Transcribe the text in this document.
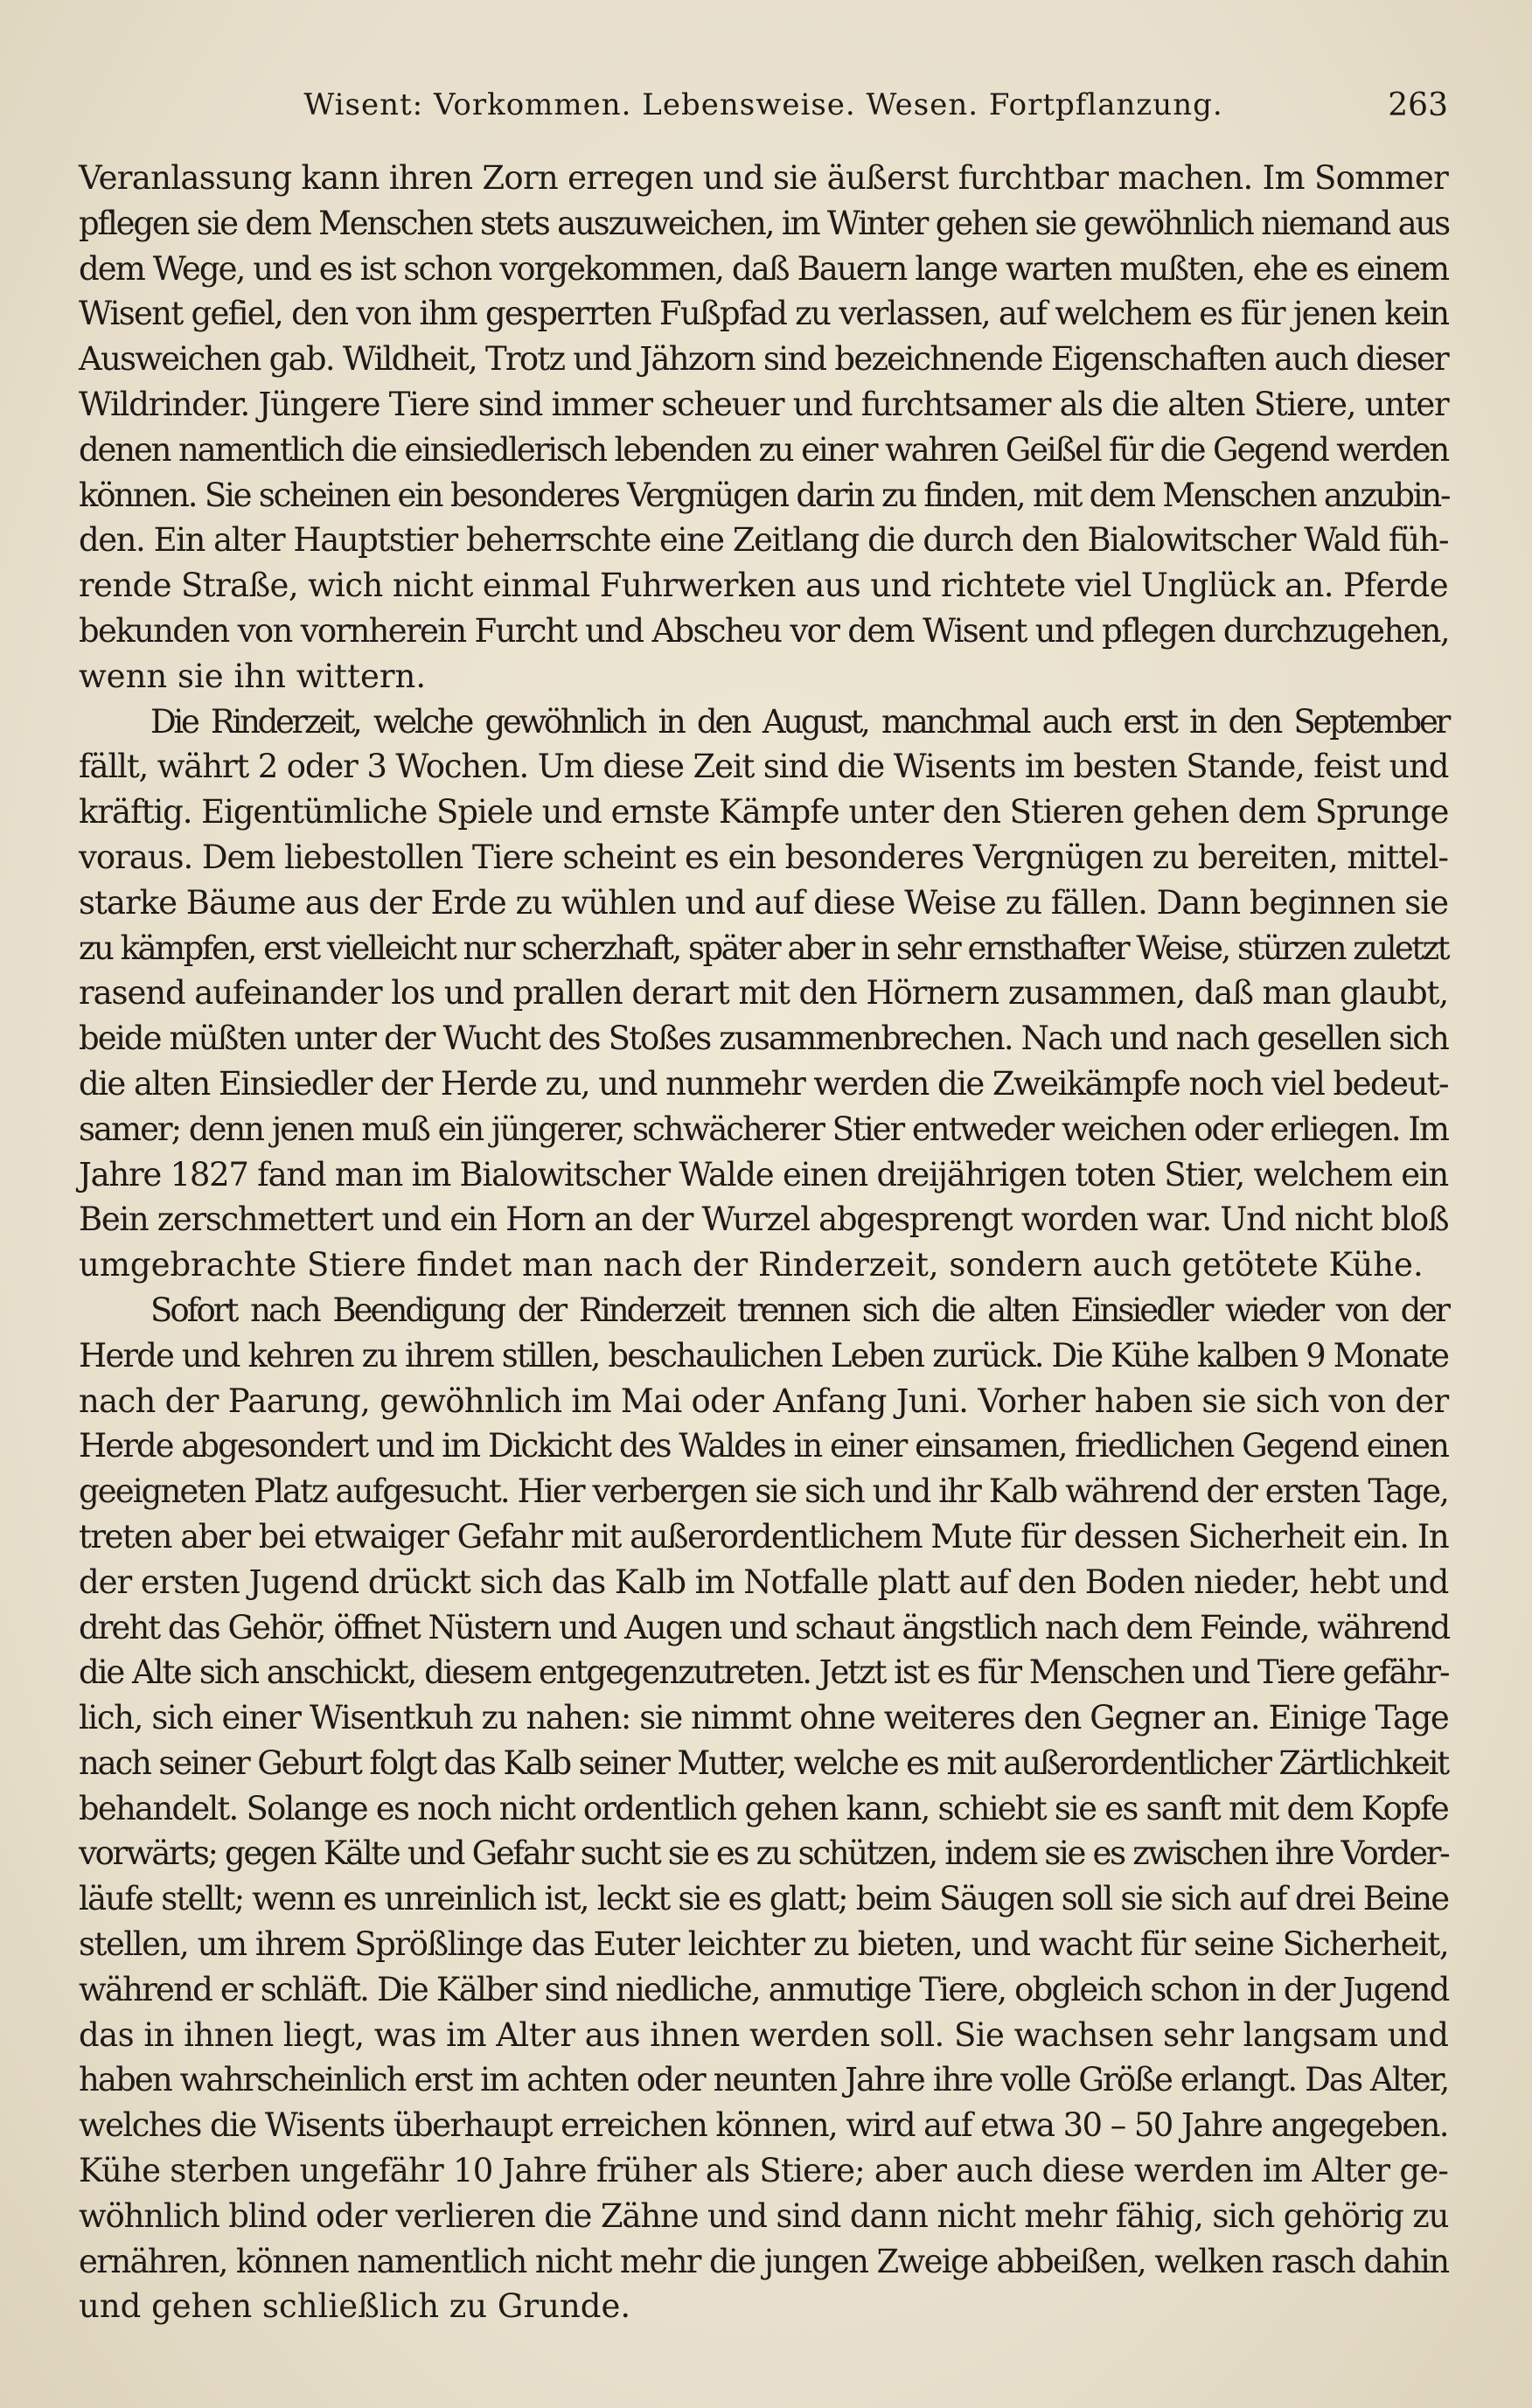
Wisent: Vorkommen. Lebensweise. Wesen. Fortpflanzung.	263
Veranlassung kann ihren Zorn erregen und sie äußerst furchtbar machen. Im Sommer
pflegen sie dem Menschen stets auszuweichen, im Winter gehen sie gewöhnlich niemand aus
dem Wege, und es ist schon vorgekommen, daß Bauern lange warten mußten, ehe es einem
Wisent gefiel, den von ihm gesperrten Fußpfad zu verlassen, auf welchem es für jenen kein
Ausweichen gab. Wildheit, Trotz und Jähzorn sind bezeichnende Eigenschaften auch dieser
Wildrinder. Jüngere Tiere sind immer scheuer und furchtsamer als die alten Stiere, unter
denen namentlich die einsiedlerisch lebenden zu einer wahren Geißel für die Gegend werden
können. Sie scheinen ein besonderes Vergnügen darin zu finden, mit dem Menschen anzubin-
den. Ein alter Hauptstier beherrschte eine Zeitlang die durch den Bialowitscher Wald füh-
rende Straße, wich nicht einmal Fuhrwerken aus und richtete viel Unglück an. Pferde
bekunden von vornherein Furcht und Abscheu vor dem Wisent und pflegen durchzugehen,
wenn sie ihn wittern.
Die Rinderzeit, welche gewöhnlich in den August, manchmal auch erst in den September
fällt, währt 2 oder 3 Wochen. Um diese Zeit sind die Wisents im besten Stande, feist und
kräftig. Eigentümliche Spiele und ernste Kämpfe unter den Stieren gehen dem Sprunge
voraus. Dem liebestollen Tiere scheint es ein besonderes Vergnügen zu bereiten, mittel-
starke Bäume aus der Erde zu wühlen und auf diese Weise zu fällen. Dann beginnen sie
zu kämpfen, erst vielleicht nur scherzhaft, später aber in sehr ernsthafter Weise, stürzen zuletzt
rasend aufeinander los und prallen derart mit den Hörnern zusammen, daß man glaubt,
beide müßten unter der Wucht des Stoßes zusammenbrechen. Nach und nach gesellen sich
die alten Einsiedler der Herde zu, und nunmehr werden die Zweikämpfe noch viel bedeut-
samer; denn jenen muß ein jüngerer, schwächerer Stier entweder weichen oder erliegen. Im
Jahre 1827 fand man im Bialowitscher Walde einen dreijährigen toten Stier, welchem ein
Bein zerschmettert und ein Horn an der Wurzel abgesprengt worden war. Und nicht bloß
umgebrachte Stiere findet man nach der Rinderzeit, sondern auch getötete Kühe.
Sofort nach Beendigung der Rinderzeit trennen sich die alten Einsiedler wieder von der
Herde und kehren zu ihrem stillen, beschaulichen Leben zurück. Die Kühe kalben 9 Monate
nach der Paarung, gewöhnlich im Mai oder Anfang Juni. Vorher haben sie sich von der
Herde abgesondert und im Dickicht des Waldes in einer einsamen, friedlichen Gegend einen
geeigneten Platz aufgesucht. Hier verbergen sie sich und ihr Kalb während der ersten Tage,
treten aber bei etwaiger Gefahr mit außerordentlichem Mute für dessen Sicherheit ein. In
der ersten Jugend drückt sich das Kalb im Notfalle platt auf den Boden nieder, hebt und
dreht das Gehör, öffnet Nüstern und Augen und schaut ängstlich nach dem Feinde, während
die Alte sich anschickt, diesem entgegenzutreten. Jetzt ist es für Menschen und Tiere gefähr-
lich, sich einer Wisentkuh zu nahen: sie nimmt ohne weiteres den Gegner an. Einige Tage
nach seiner Geburt folgt das Kalb seiner Mutter, welche es mit außerordentlicher Zärtlichkeit
behandelt. Solange es noch nicht ordentlich gehen kann, schiebt sie es sanft mit dem Kopfe
vorwärts; gegen Kälte und Gefahr sucht sie es zu schützen, indem sie es zwischen ihre Vorder-
läufe stellt; wenn es unreinlich ist, leckt sie es glatt; beim Säugen soll sie sich auf drei Beine
stellen, um ihrem Sprößlinge das Euter leichter zu bieten, und wacht für seine Sicherheit,
während er schläft. Die Kälber sind niedliche, anmutige Tiere, obgleich schon in der Jugend
das in ihnen liegt, was im Alter aus ihnen werden soll. Sie wachsen sehr langsam und
haben wahrscheinlich erst im achten oder neunten Jahre ihre volle Größe erlangt. Das Alter,
welches die Wisents überhaupt erreichen können, wird auf etwa 30 – 50 Jahre angegeben.
Kühe sterben ungefähr 10 Jahre früher als Stiere; aber auch diese werden im Alter ge-
wöhnlich blind oder verlieren die Zähne und sind dann nicht mehr fähig, sich gehörig zu
ernähren, können namentlich nicht mehr die jungen Zweige abbeißen, welken rasch dahin
und gehen schließlich zu Grunde.
